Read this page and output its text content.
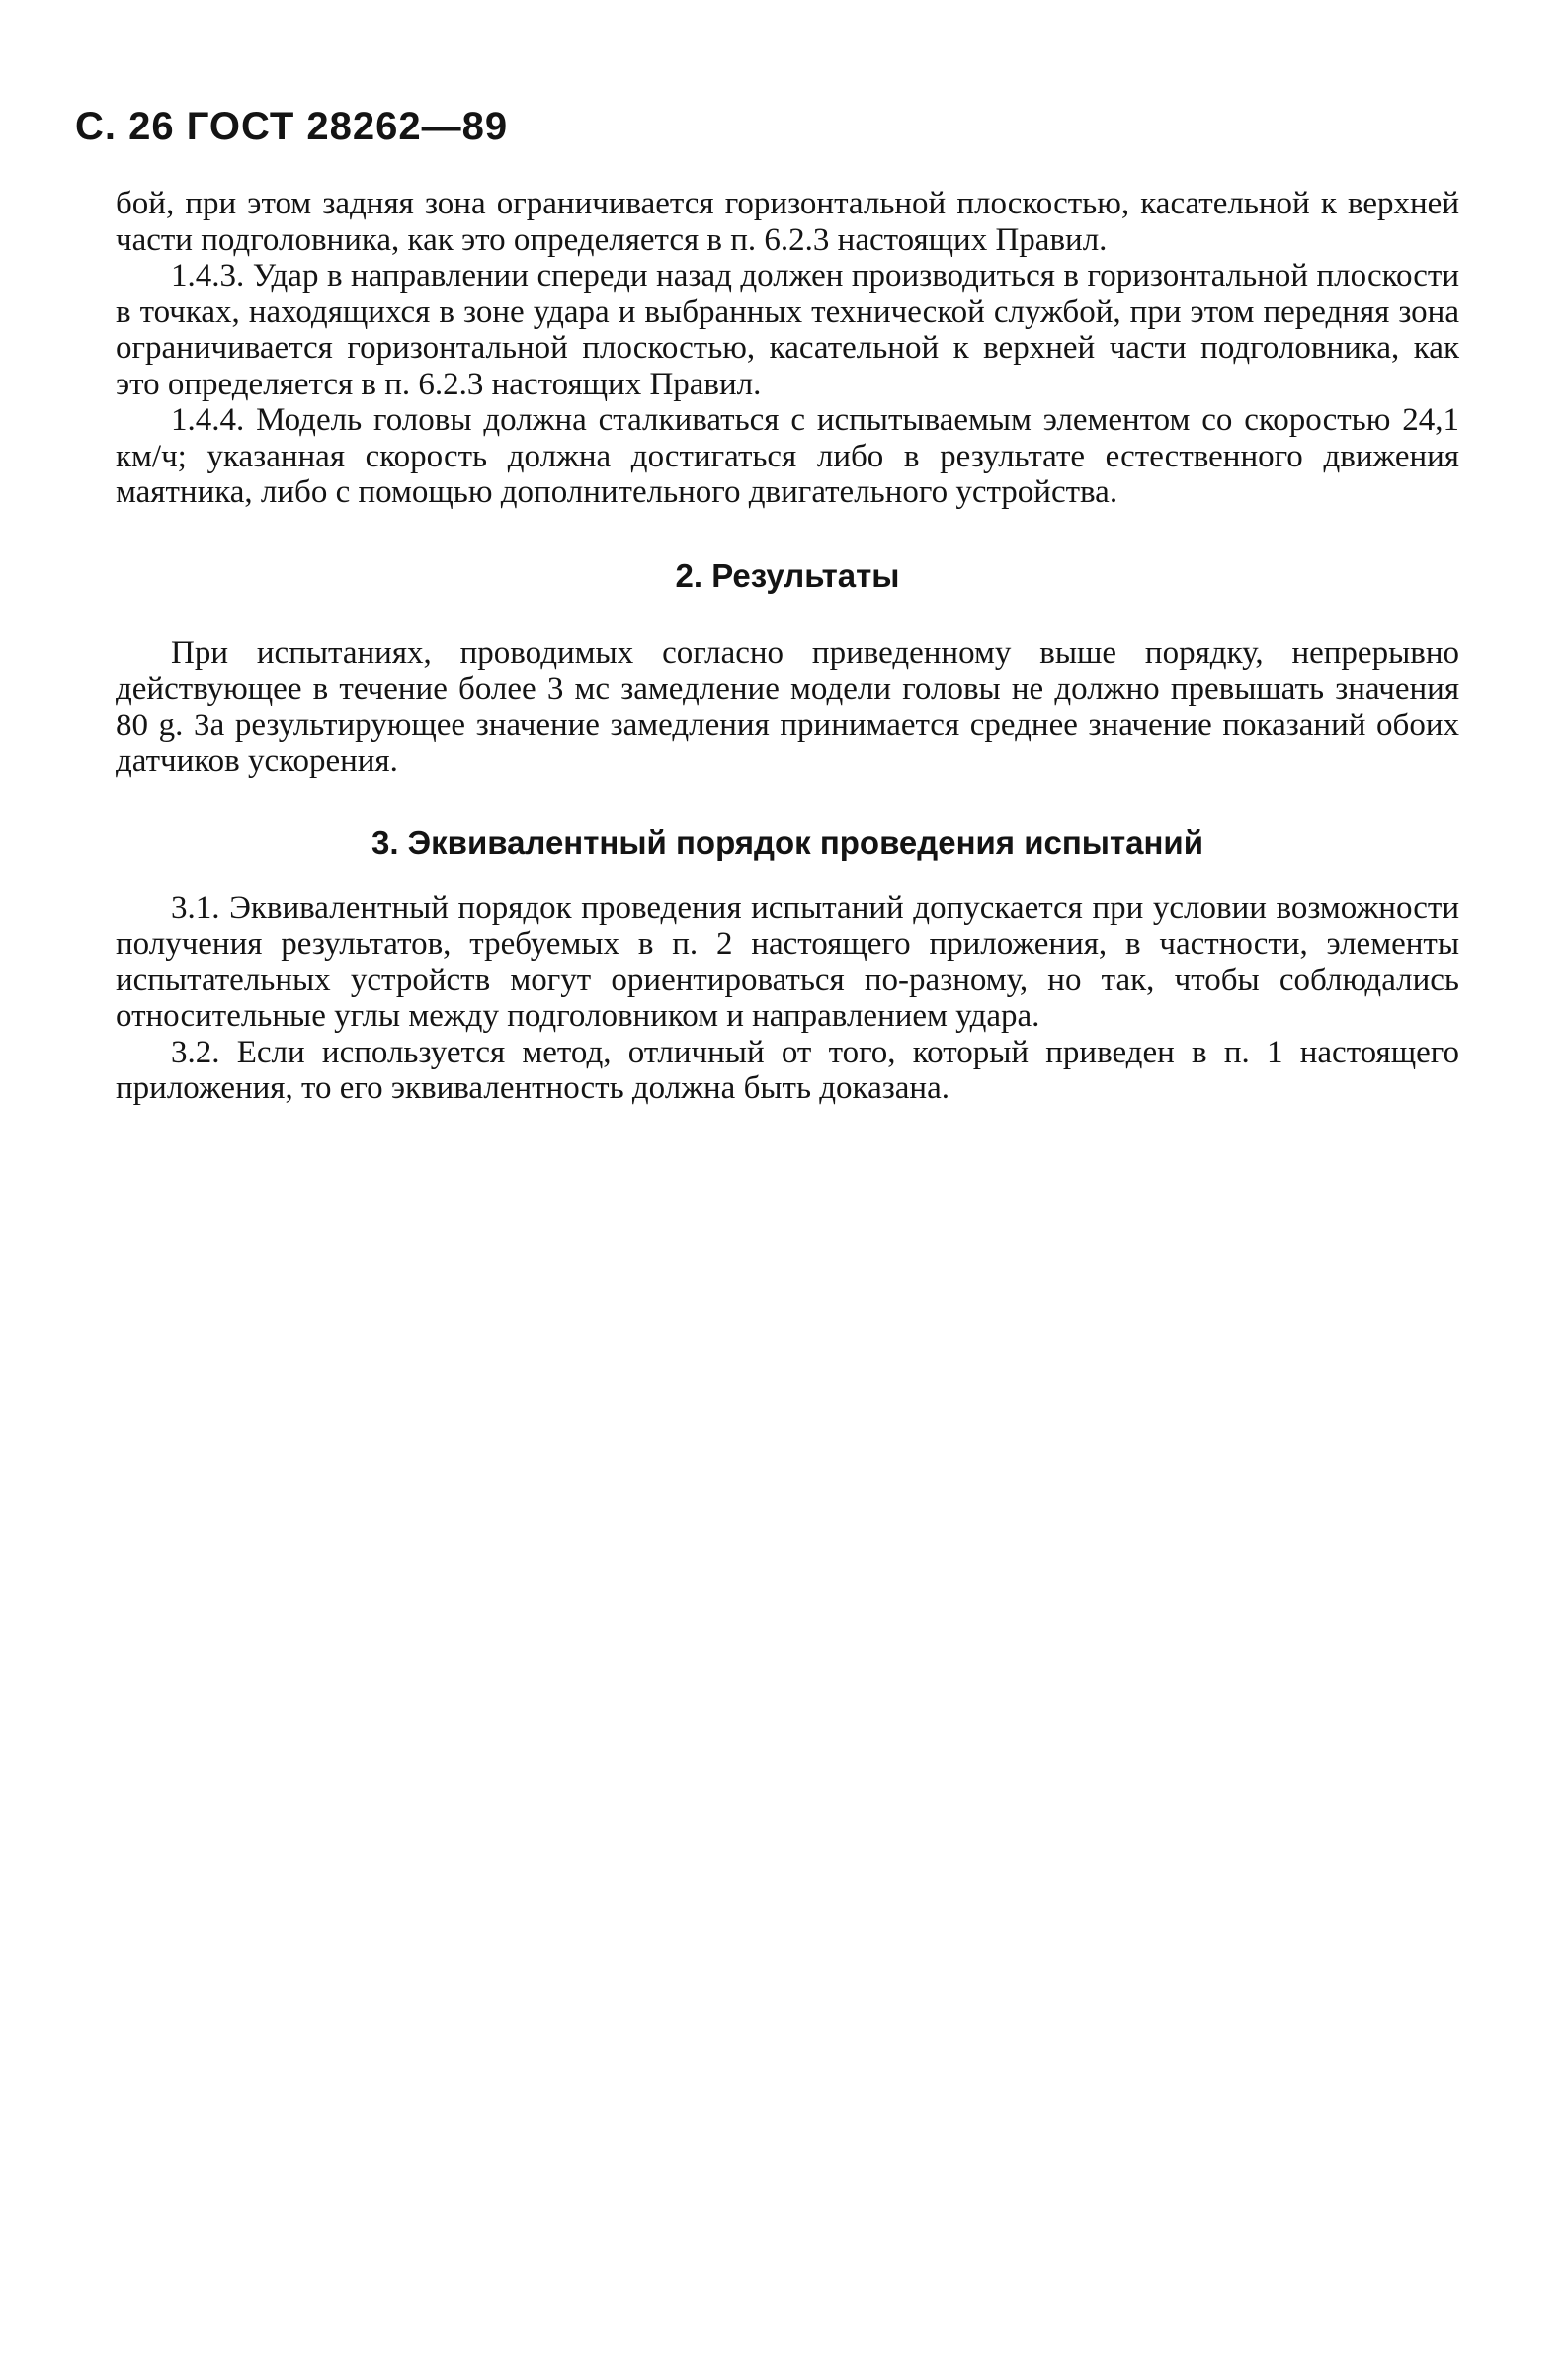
С. 26 ГОСТ 28262—89

бой, при этом задняя зона ограничивается горизонтальной плоскостью, касательной к верхней части подголовника, как это определяется в п. 6.2.3 настоящих Правил.

1.4.3. Удар в направлении спереди назад должен производиться в горизонтальной плоскости в точках, находящихся в зоне удара и выбранных технической службой, при этом передняя зона ограничивается горизонтальной плоскостью, касательной к верхней части подголовника, как это определяется в п. 6.2.3 настоящих Правил.

1.4.4. Модель головы должна сталкиваться с испытываемым элементом со скоростью 24,1 км/ч; указанная скорость должна достигаться либо в результате естественного движения маятника, либо с помощью дополнительного двигательного устройства.

2. Результаты

При испытаниях, проводимых согласно приведенному выше порядку, непрерывно действующее в течение более 3 мс замедление модели головы не должно превышать значения 80 g. За результирующее значение замедления принимается среднее значение показаний обоих датчиков ускорения.

3. Эквивалентный порядок проведения испытаний

3.1. Эквивалентный порядок проведения испытаний допускается при условии возможности получения результатов, требуемых в п. 2 настоящего приложения, в частности, элементы испытательных устройств могут ориентироваться по-разному, но так, чтобы соблюдались относительные углы между подголовником и направлением удара.

3.2. Если используется метод, отличный от того, который приведен в п. 1 настоящего приложения, то его эквивалентность должна быть доказана.
